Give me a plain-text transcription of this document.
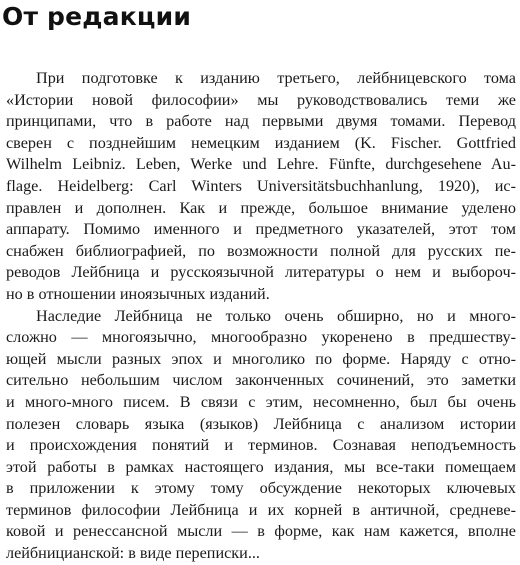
От редакции
При подготовке к изданию третьего, лейбницевского тома
«Истории новой философии» мы руководствовались теми же
принципами, что в работе над первыми двумя томами. Перевод
сверен с позднейшим немецким изданием (K. Fischer. Gottfried
Wilhelm Leibniz. Leben, Werke und Lehre. Fünfte, durchgesehene Au-
flage. Heidelberg: Carl Winters Universitätsbuchhanlung, 1920), ис-
правлен и дополнен. Как и прежде, большое внимание уделено
аппарату. Помимо именного и предметного указателей, этот том
снабжен библиографией, по возможности полной для русских пе-
реводов Лейбница и русскоязычной литературы о нем и выбороч-
но в отношении иноязычных изданий.
Наследие Лейбница не только очень обширно, но и много-
сложно — многоязычно, многообразно укоренено в предшеству-
ющей мысли разных эпох и многолико по форме. Наряду с отно-
сительно небольшим числом законченных сочинений, это заметки
и много-много писем. В связи с этим, несомненно, был бы очень
полезен словарь языка (языков) Лейбница с анализом истории
и происхождения понятий и терминов. Сознавая неподъемность
этой работы в рамках настоящего издания, мы все-таки помещаем
в приложении к этому тому обсуждение некоторых ключевых
терминов философии Лейбница и их корней в античной, средневе-
ковой и ренессансной мысли — в форме, как нам кажется, вполне
лейбницианской: в виде переписки...
